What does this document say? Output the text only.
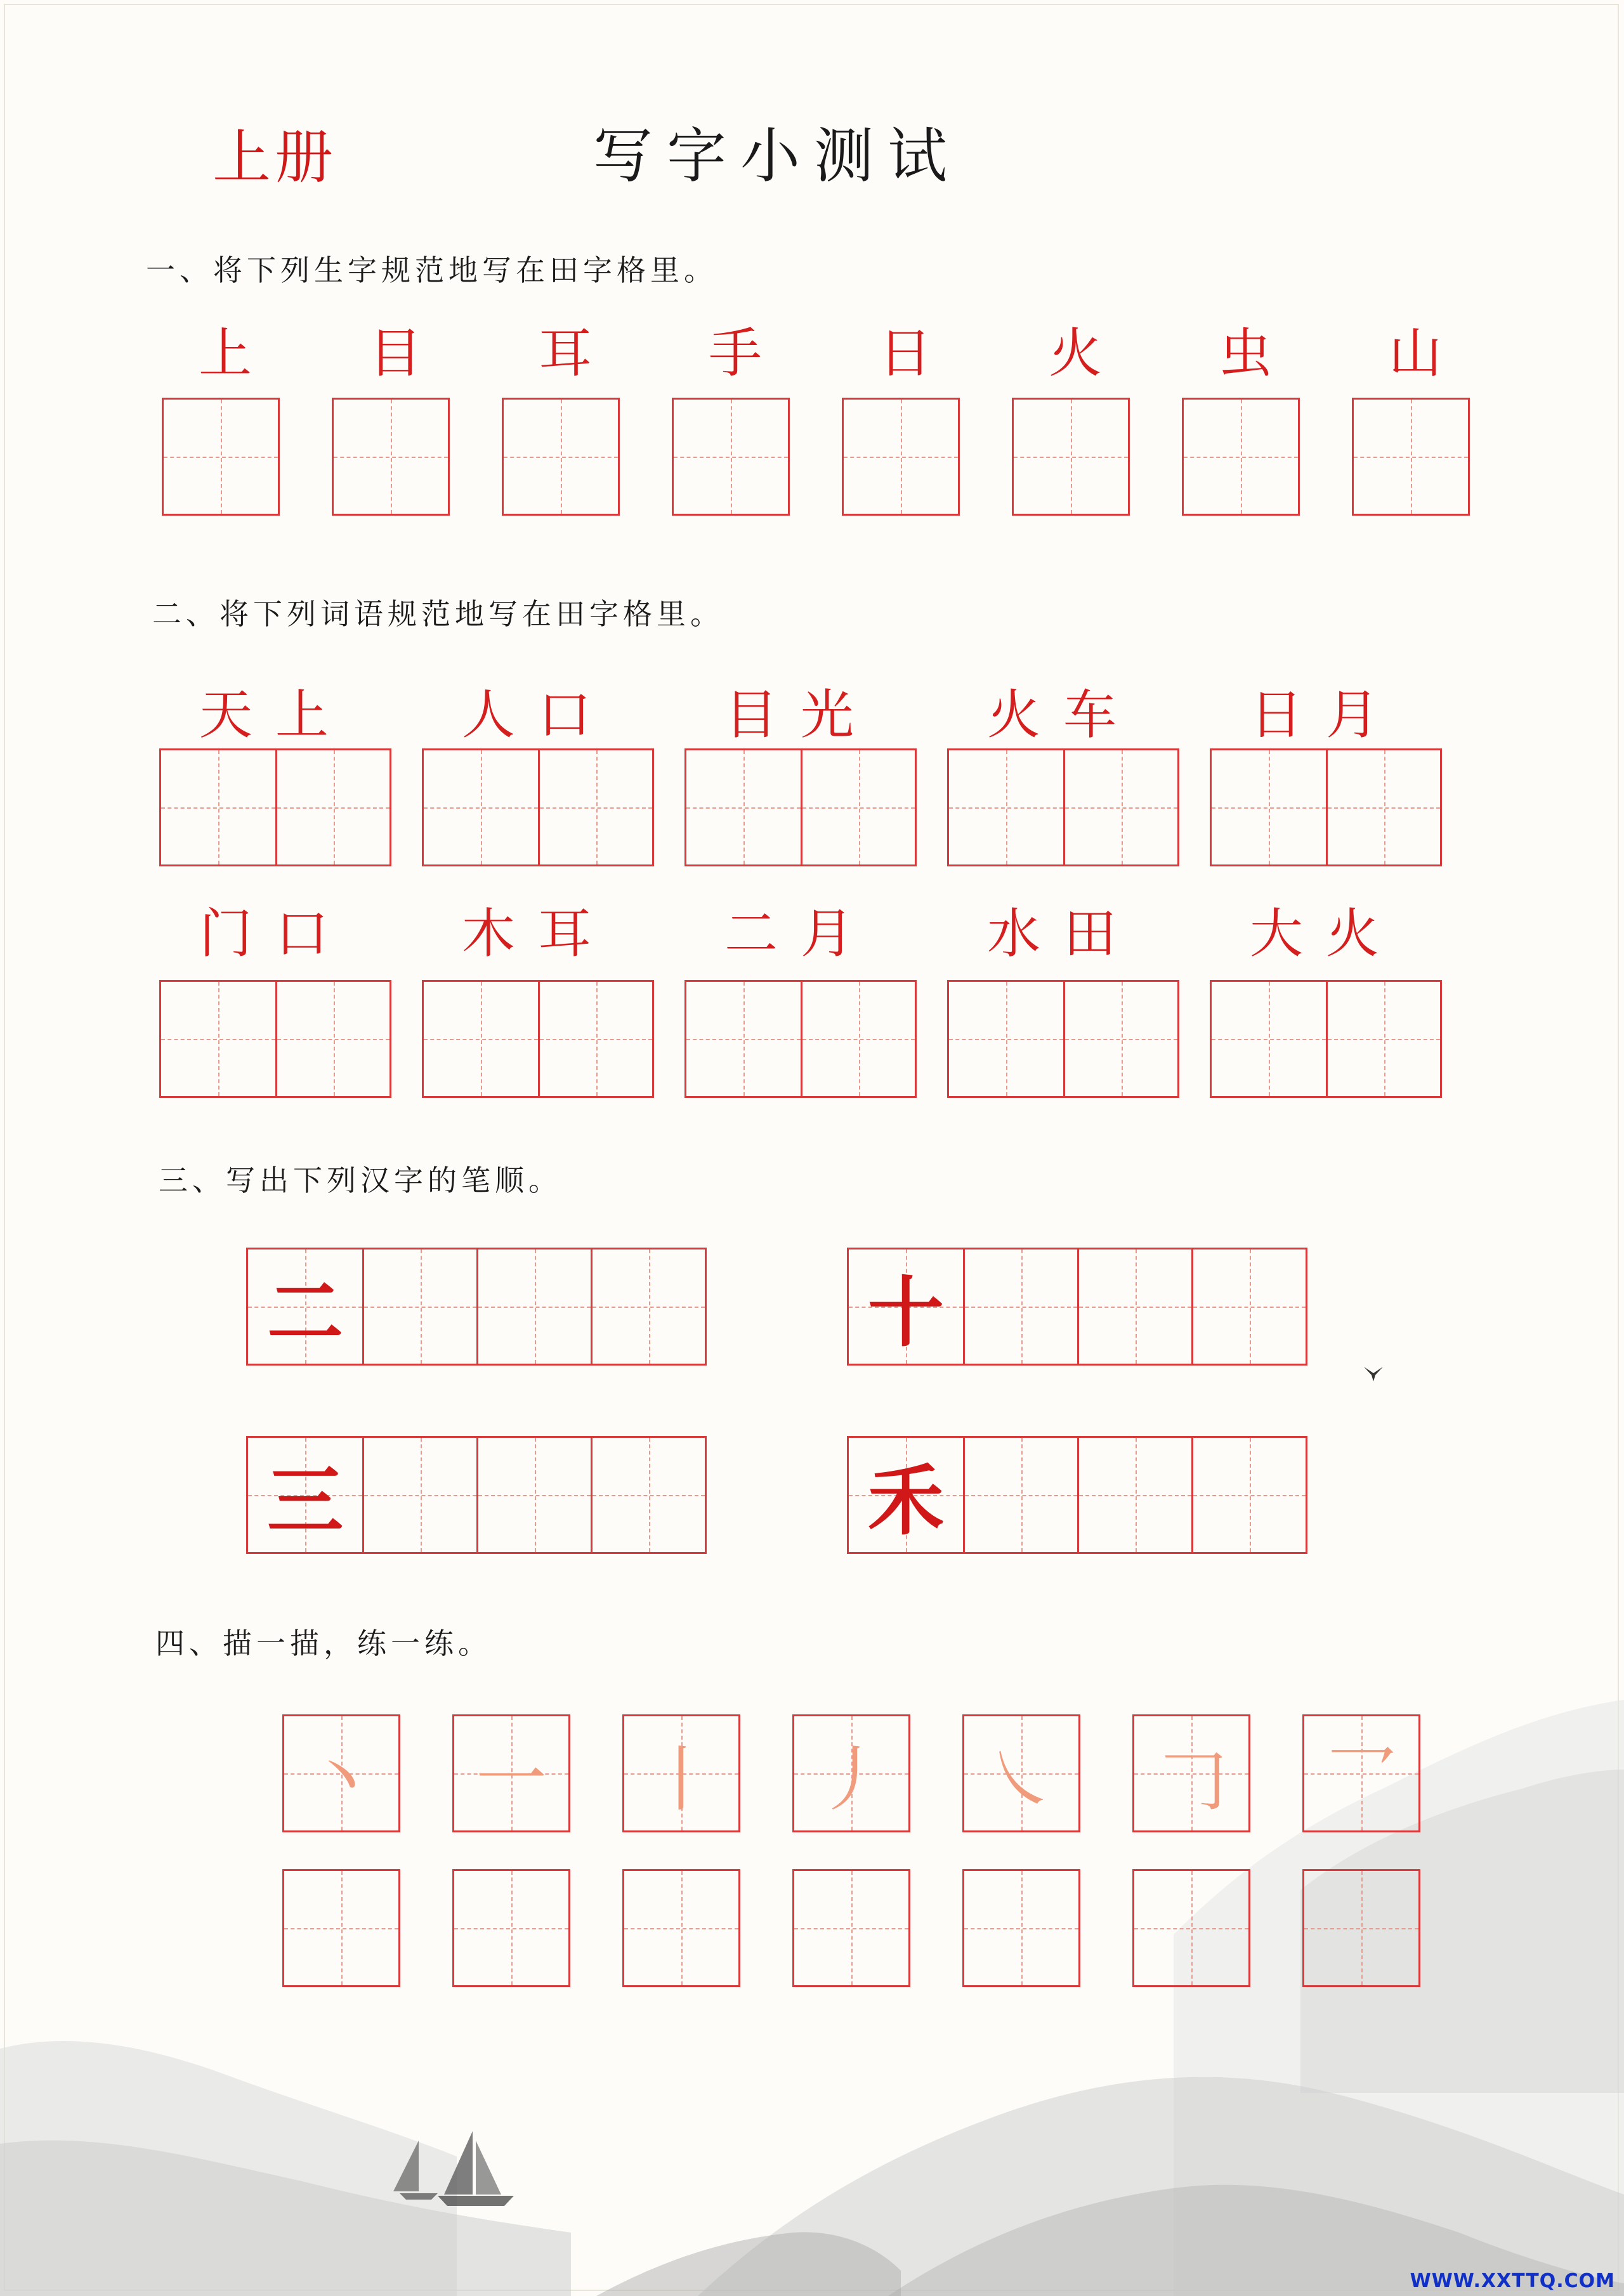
上册	写字小测试
一、将下列生字规范地写在田字格里。
上	目	耳	手	日	火	虫	山
二、将下列词语规范地写在田字格里。
天上	人口	目光	火车	日月
门口	木耳	二月	水田	大火
三、写出下列汉字的笔顺。
二	十
三	禾
四、描一描，练一练。
丶	一	丨	丿	㇏	𠃌	乛
WWW.XXTTQ.COM
